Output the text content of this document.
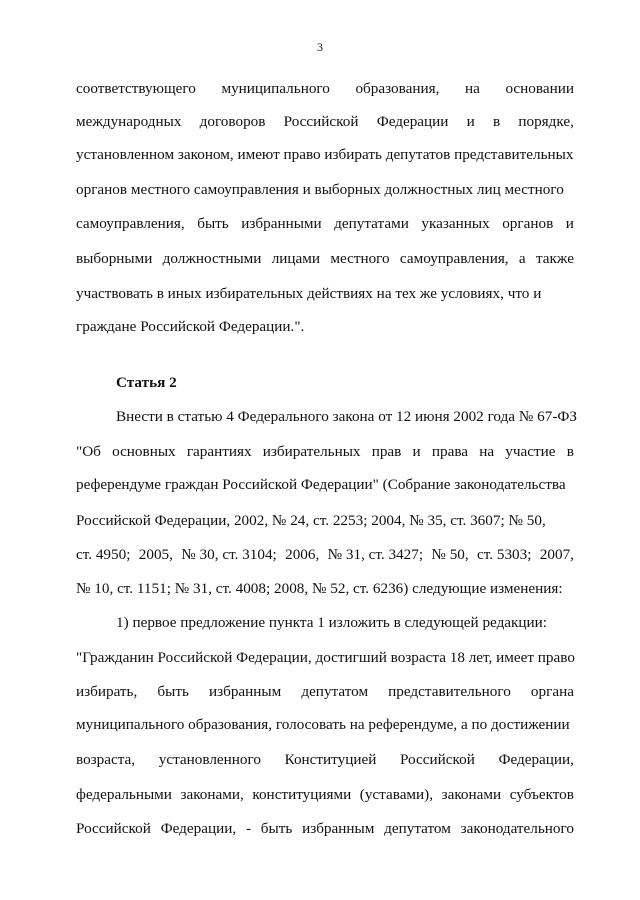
3
соответствующего муниципального образования, на основании
международных договоров Российской Федерации и в порядке,
установленном законом, имеют право избирать депутатов представительных
органов местного самоуправления и выборных должностных лиц местного
самоуправления, быть избранными депутатами указанных органов и
выборными должностными лицами местного самоуправления, а также
участвовать в иных избирательных действиях на тех же условиях, что и
граждане Российской Федерации.".
Статья 2
Внести в статью 4 Федерального закона от 12 июня 2002 года № 67-ФЗ
"Об основных гарантиях избирательных прав и права на участие в
референдуме граждан Российской Федерации" (Собрание законодательства
Российской Федерации, 2002, № 24, ст. 2253; 2004, № 35, ст. 3607; № 50,
ст. 4950; 2005, № 30, ст. 3104; 2006, № 31, ст. 3427; № 50, ст. 5303; 2007,
№ 10, ст. 1151; № 31, ст. 4008; 2008, № 52, ст. 6236) следующие изменения:
1) первое предложение пункта 1 изложить в следующей редакции:
"Гражданин Российской Федерации, достигший возраста 18 лет, имеет право
избирать, быть избранным депутатом представительного органа
муниципального образования, голосовать на референдуме, а по достижении
возраста, установленного Конституцией Российской Федерации,
федеральными законами, конституциями (уставами), законами субъектов
Российской Федерации, - быть избранным депутатом законодательного
